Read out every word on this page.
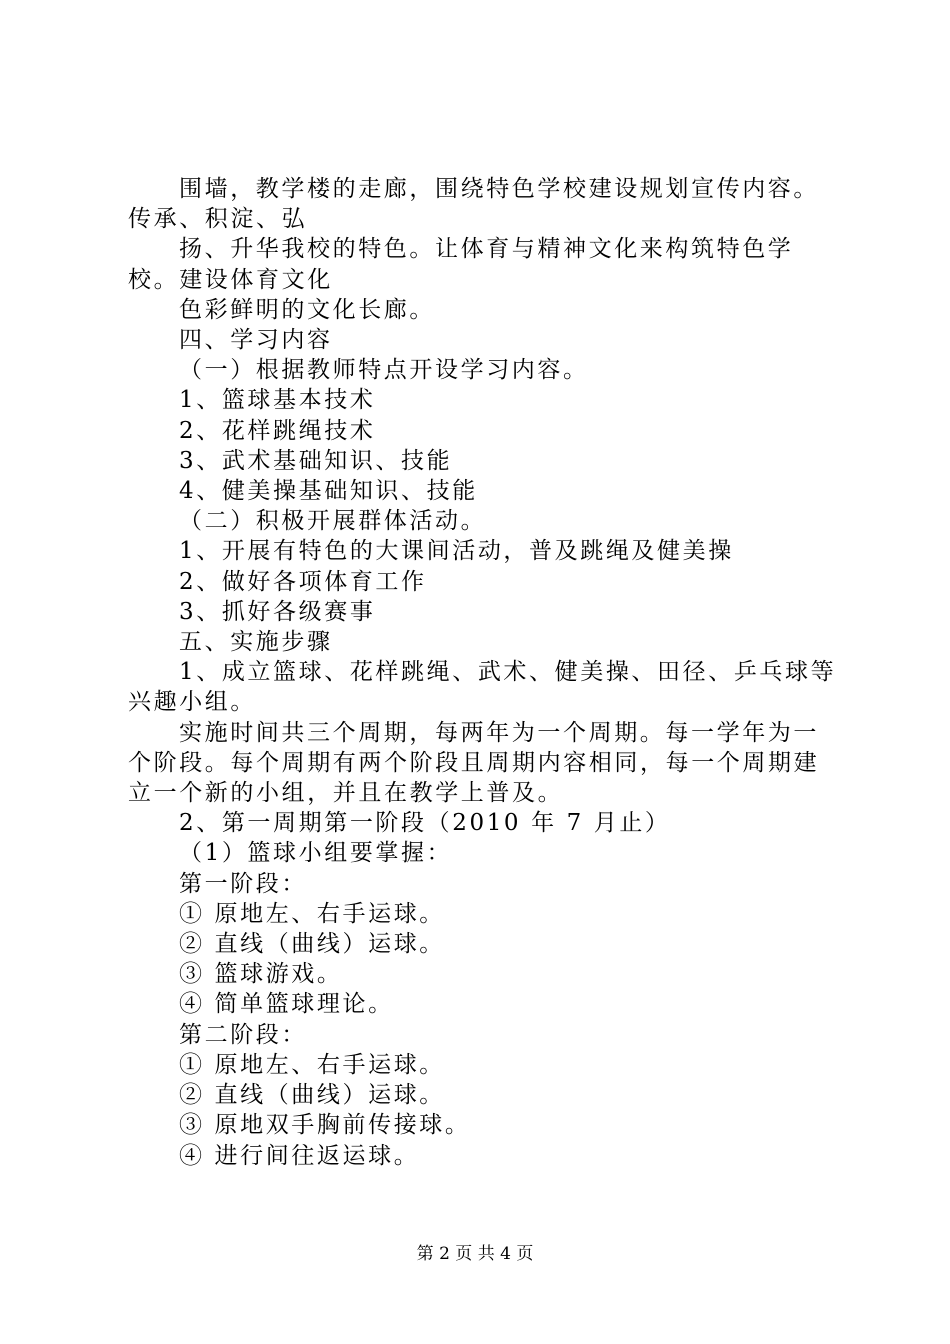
围墙，教学楼的走廊，围绕特色学校建设规划宣传内容。传承、积淀、弘

扬、升华我校的特色。让体育与精神文化来构筑特色学校。建设体育文化

色彩鲜明的文化长廊。

四、学习内容

（一）根据教师特点开设学习内容。

1、篮球基本技术

2、花样跳绳技术

3、武术基础知识、技能

4、健美操基础知识、技能

（二）积极开展群体活动。

1、开展有特色的大课间活动，普及跳绳及健美操

2、做好各项体育工作

3、抓好各级赛事

五、实施步骤

1、成立篮球、花样跳绳、武术、健美操、田径、乒乓球等兴趣小组。

实施时间共三个周期，每两年为一个周期。每一学年为一个阶段。每个周期有两个阶段且周期内容相同，每一个周期建立一个新的小组，并且在教学上普及。

2、第一周期第一阶段（2010 年 7 月止）

（1）篮球小组要掌握：

第一阶段：

① 原地左、右手运球。

② 直线（曲线）运球。

③ 篮球游戏。

④ 简单篮球理论。

第二阶段：

① 原地左、右手运球。

② 直线（曲线）运球。

③ 原地双手胸前传接球。

④ 进行间往返运球。

第 2 页 共 4 页
